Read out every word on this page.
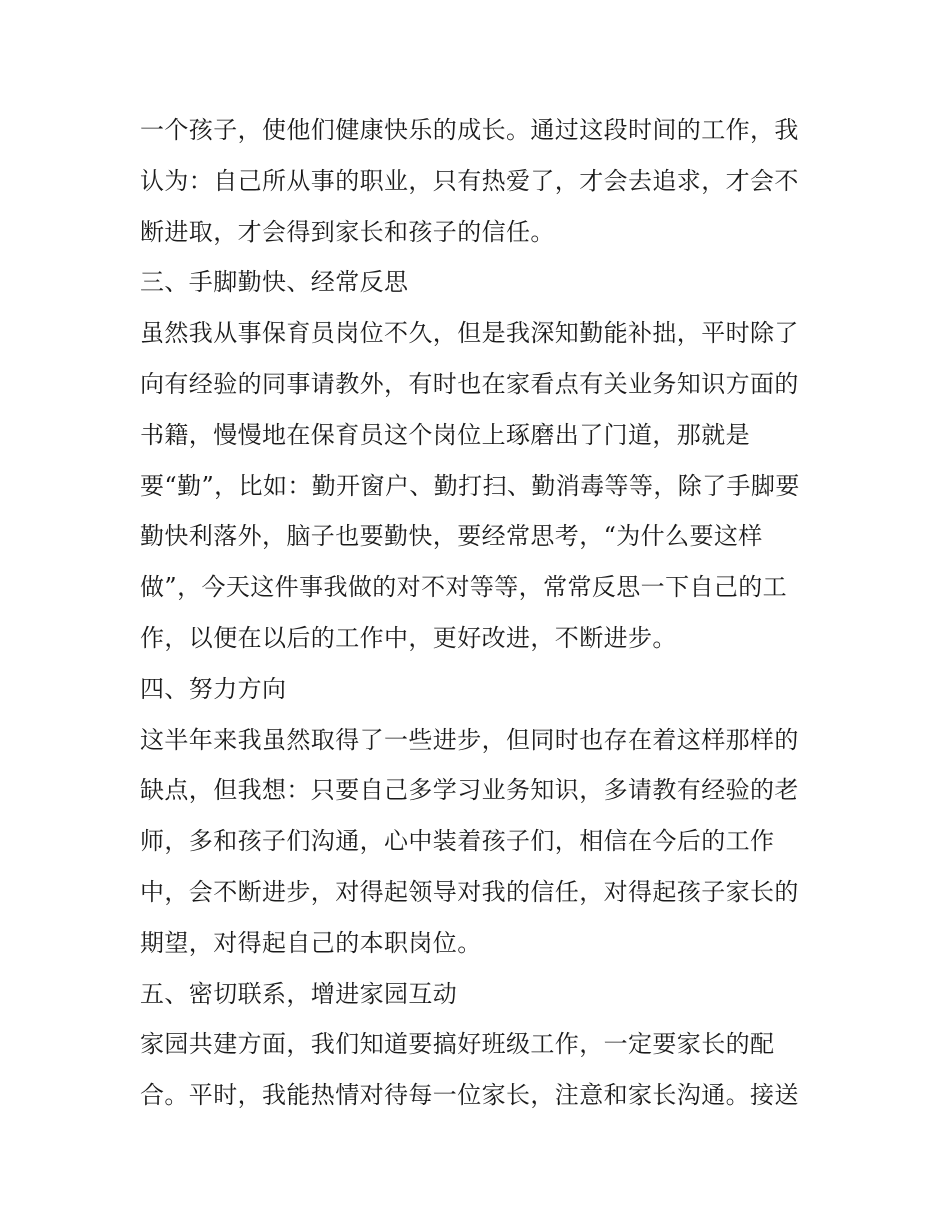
一个孩子，使他们健康快乐的成长。通过这段时间的工作，我
认为：自己所从事的职业，只有热爱了，才会去追求，才会不
断进取，才会得到家长和孩子的信任。
三、手脚勤快、经常反思
虽然我从事保育员岗位不久，但是我深知勤能补拙，平时除了
向有经验的同事请教外，有时也在家看点有关业务知识方面的
书籍，慢慢地在保育员这个岗位上琢磨出了门道，那就是
要“勤”，比如：勤开窗户、勤打扫、勤消毒等等，除了手脚要
勤快利落外，脑子也要勤快，要经常思考，“为什么要这样
做”，今天这件事我做的对不对等等，常常反思一下自己的工
作，以便在以后的工作中，更好改进，不断进步。
四、努力方向
这半年来我虽然取得了一些进步，但同时也存在着这样那样的
缺点，但我想：只要自己多学习业务知识，多请教有经验的老
师，多和孩子们沟通，心中装着孩子们，相信在今后的工作
中，会不断进步，对得起领导对我的信任，对得起孩子家长的
期望，对得起自己的本职岗位。
五、密切联系，增进家园互动
家园共建方面，我们知道要搞好班级工作，一定要家长的配
合。平时，我能热情对待每一位家长，注意和家长沟通。接送
